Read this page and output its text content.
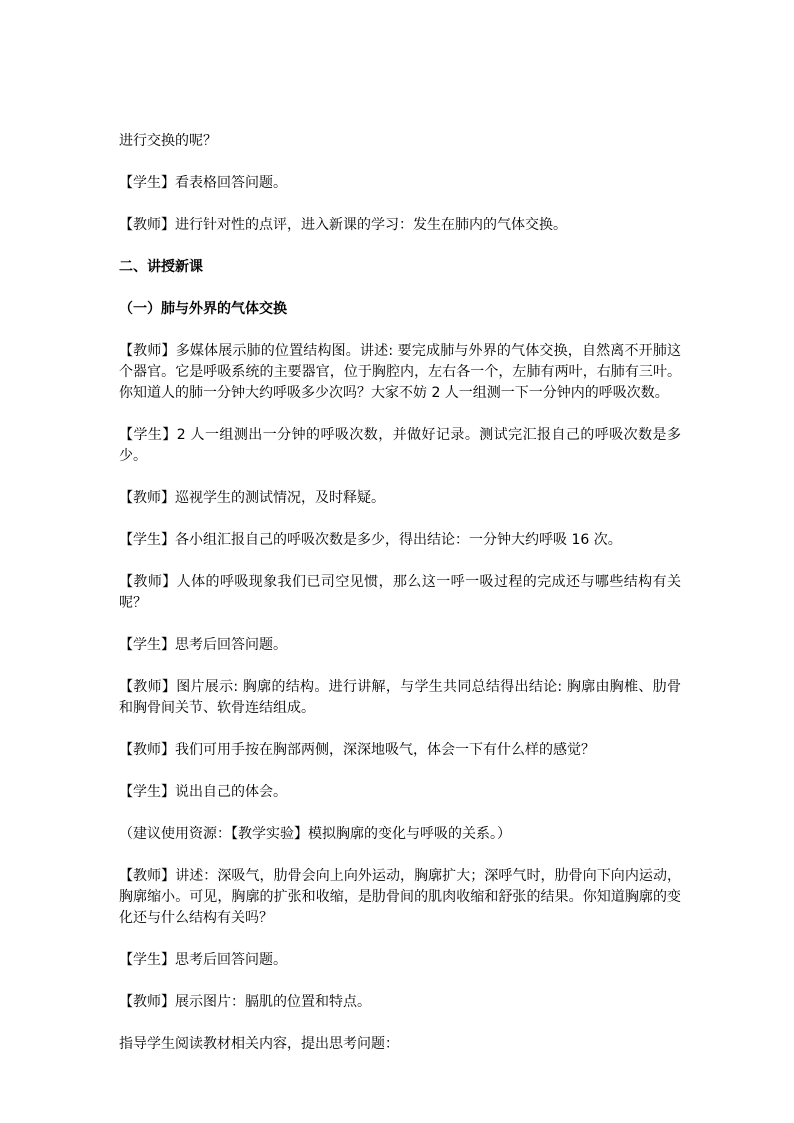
进行交换的呢？

【学生】看表格回答问题。

【教师】进行针对性的点评，进入新课的学习：发生在肺内的气体交换。

二、讲授新课

（一）肺与外界的气体交换

【教师】多媒体展示肺的位置结构图。讲述: 要完成肺与外界的气体交换，自然离不开肺这个器官。它是呼吸系统的主要器官，位于胸腔内，左右各一个，左肺有两叶，右肺有三叶。你知道人的肺一分钟大约呼吸多少次吗？大家不妨 2 人一组测一下一分钟内的呼吸次数。

【学生】2 人一组测出一分钟的呼吸次数，并做好记录。测试完汇报自己的呼吸次数是多少。

【教师】巡视学生的测试情况，及时释疑。

【学生】各小组汇报自己的呼吸次数是多少，得出结论：一分钟大约呼吸 16 次。

【教师】人体的呼吸现象我们已司空见惯，那么这一呼一吸过程的完成还与哪些结构有关呢？

【学生】思考后回答问题。

【教师】图片展示: 胸廓的结构。进行讲解，与学生共同总结得出结论: 胸廓由胸椎、肋骨和胸骨间关节、软骨连结组成。

【教师】我们可用手按在胸部两侧，深深地吸气，体会一下有什么样的感觉？

【学生】说出自己的体会。

（建议使用资源：【教学实验】模拟胸廓的变化与呼吸的关系。）

【教师】讲述：深吸气，肋骨会向上向外运动，胸廓扩大；深呼气时，肋骨向下向内运动，胸廓缩小。可见，胸廓的扩张和收缩，是肋骨间的肌肉收缩和舒张的结果。你知道胸廓的变化还与什么结构有关吗？

【学生】思考后回答问题。

【教师】展示图片：膈肌的位置和特点。

指导学生阅读教材相关内容，提出思考问题：
